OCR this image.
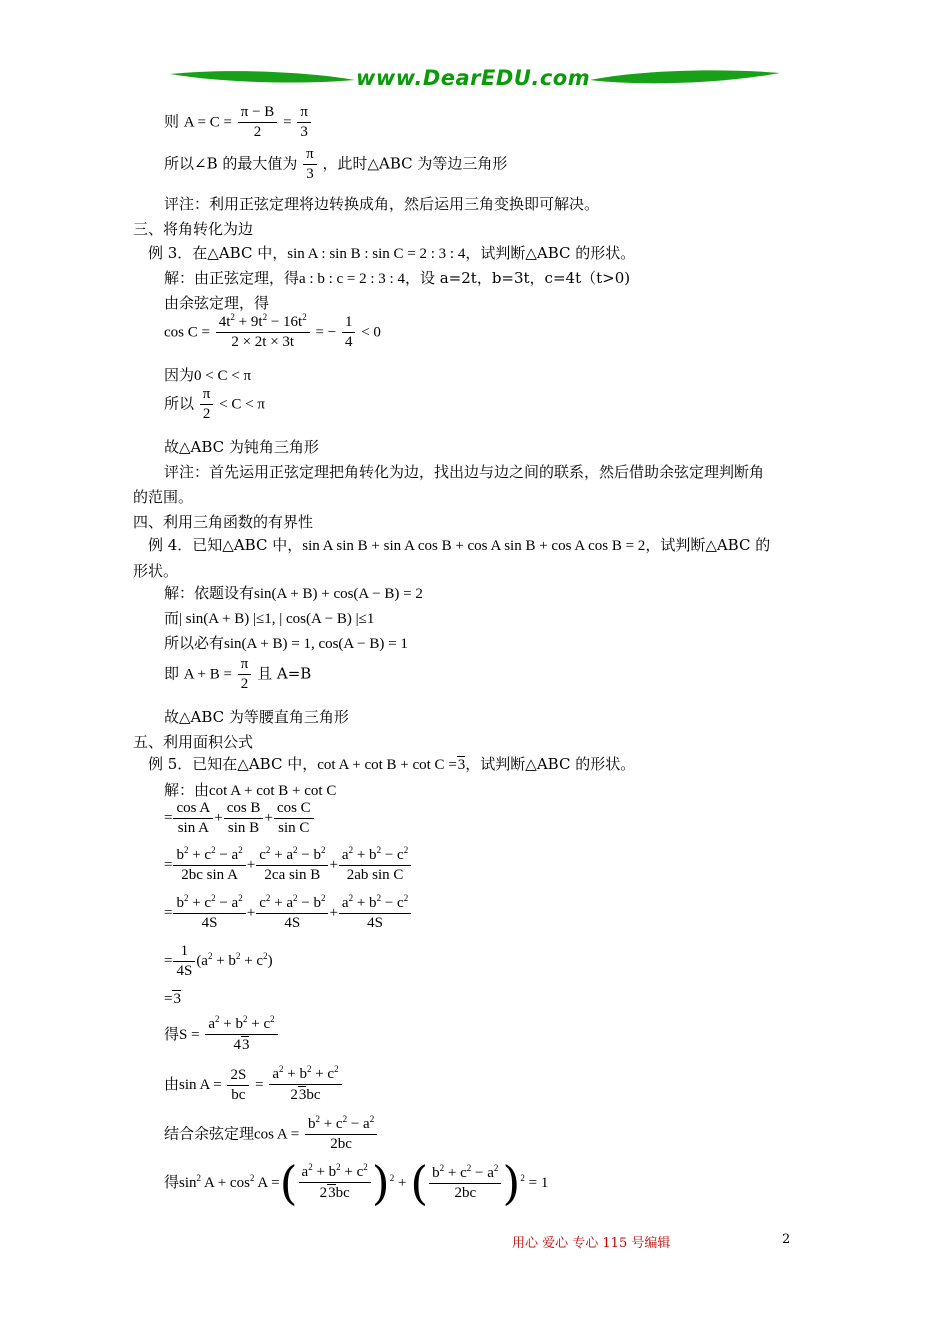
www.DearEDU.com
则 $A = C = \frac{\pi - B}{2} = \frac{\pi}{3}$
所以∠B 的最大值为 $\frac{\pi}{3}$ ，此时△ABC 为等边三角形
评注：利用正弦定理将边转换成角，然后运用三角变换即可解决。
三、将角转化为边
例 3．在△ABC 中，sin A : sin B : sin C = 2 : 3 : 4，试判断△ABC 的形状。
解：由正弦定理，得a : b : c = 2 : 3 : 4，设 a=2t，b=3t，c=4t（t>0)
由余弦定理，得
$\cos C = \frac{4t^2 + 9t^2 - 16t^2}{2 \times 2t \times 3t}$ = − $\frac{1}{4} < 0$
因为0 < C < π
所以 $\frac{\pi}{2} < C < \pi$
故△ABC 为钝角三角形
评注：首先运用正弦定理把角转化为边，找出边与边之间的联系，然后借助余弦定理判断角
的范围。
四、利用三角函数的有界性
例 4．已知△ABC 中，sin A sin B + sin A cos B + cos A sin B + cos A cos B = 2，试判断△ABC 的
形状。
解：依题设有sin(A + B) + cos(A − B) = 2
而| sin(A + B) |≤1, | cos(A − B) |≤1
所以必有sin(A + B) = 1, cos(A − B) = 1
即 $A + B = \frac{\pi}{2}$ 且 A=B
故△ABC 为等腰直角三角形
五、利用面积公式
例 5．已知在△ABC 中，cot A + cot B + cot C =3，试判断△ABC 的形状。
解：由cot A + cot B + cot C
= $\frac{\text{cos A}}{\text{sin A}} + \frac{\text{cos B}}{\text{sin B}} + \frac{\text{cos C}}{\text{sin C}}$
= $\frac{b^2 + c^2 - a^2}{\text{2bc sin A}} + \frac{c^2 + a^2 - b^2}{\text{2ca sin B}} + \frac{a^2 + b^2 - c^2}{\text{2ab sin C}}$
= $\frac{b^2 + c^2 - a^2}{4S} + \frac{c^2 + a^2 - b^2}{4S} + \frac{a^2 + b^2 - c^2}{4S}$
= $\frac{1}{4S} (a^2 + b^2 + c^2)$
=3
得$S = \frac{a^2 + b^2 + c^2}{43}$
由$\sin A = \frac{2S}{bc} = \frac{a^2 + b^2 + c^2}{23bc}$
结合余弦定理$\cos A = \frac{b^2 + c^2 - a^2}{2bc}$
得$\sin^2 A + \cos^2 A$ =( $\frac{a^2 + b^2 + c^2}{23bc} )^2$ + ( $\frac{b^2 + c^2 - a^2}{2bc} )^2 = 1$
用心 爱心 专心 115 号编辑	2
